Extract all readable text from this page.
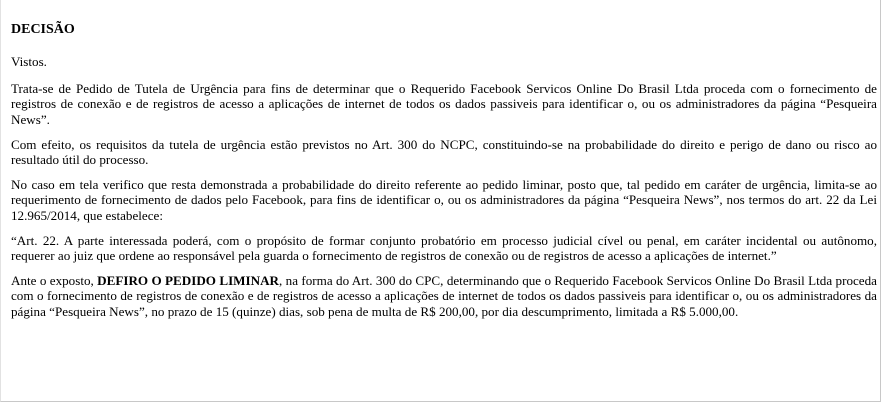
DECISÃO

Vistos.

Trata-se de Pedido de Tutela de Urgência para fins de determinar que o Requerido Facebook Servicos Online Do Brasil Ltda proceda com o fornecimento de registros de conexão e de registros de acesso a aplicações de internet de todos os dados passiveis para identificar o, ou os administradores da página “Pesqueira News”.

Com efeito, os requisitos da tutela de urgência estão previstos no Art. 300 do NCPC, constituindo-se na probabilidade do direito e perigo de dano ou risco ao resultado útil do processo.

No caso em tela verifico que resta demonstrada a probabilidade do direito referente ao pedido liminar, posto que, tal pedido em caráter de urgência, limita-se ao requerimento de fornecimento de dados pelo Facebook, para fins de identificar o, ou os administradores da página “Pesqueira News”, nos termos do art. 22 da Lei 12.965/2014, que estabelece:

“Art. 22. A parte interessada poderá, com o propósito de formar conjunto probatório em processo judicial cível ou penal, em caráter incidental ou autônomo, requerer ao juiz que ordene ao responsável pela guarda o fornecimento de registros de conexão ou de registros de acesso a aplicações de internet.”

Ante o exposto, DEFIRO O PEDIDO LIMINAR, na forma do Art. 300 do CPC, determinando que o Requerido Facebook Servicos Online Do Brasil Ltda proceda com o fornecimento de registros de conexão e de registros de acesso a aplicações de internet de todos os dados passiveis para identificar o, ou os administradores da página “Pesqueira News”, no prazo de 15 (quinze) dias, sob pena de multa de R$ 200,00, por dia descumprimento, limitada a R$ 5.000,00.
